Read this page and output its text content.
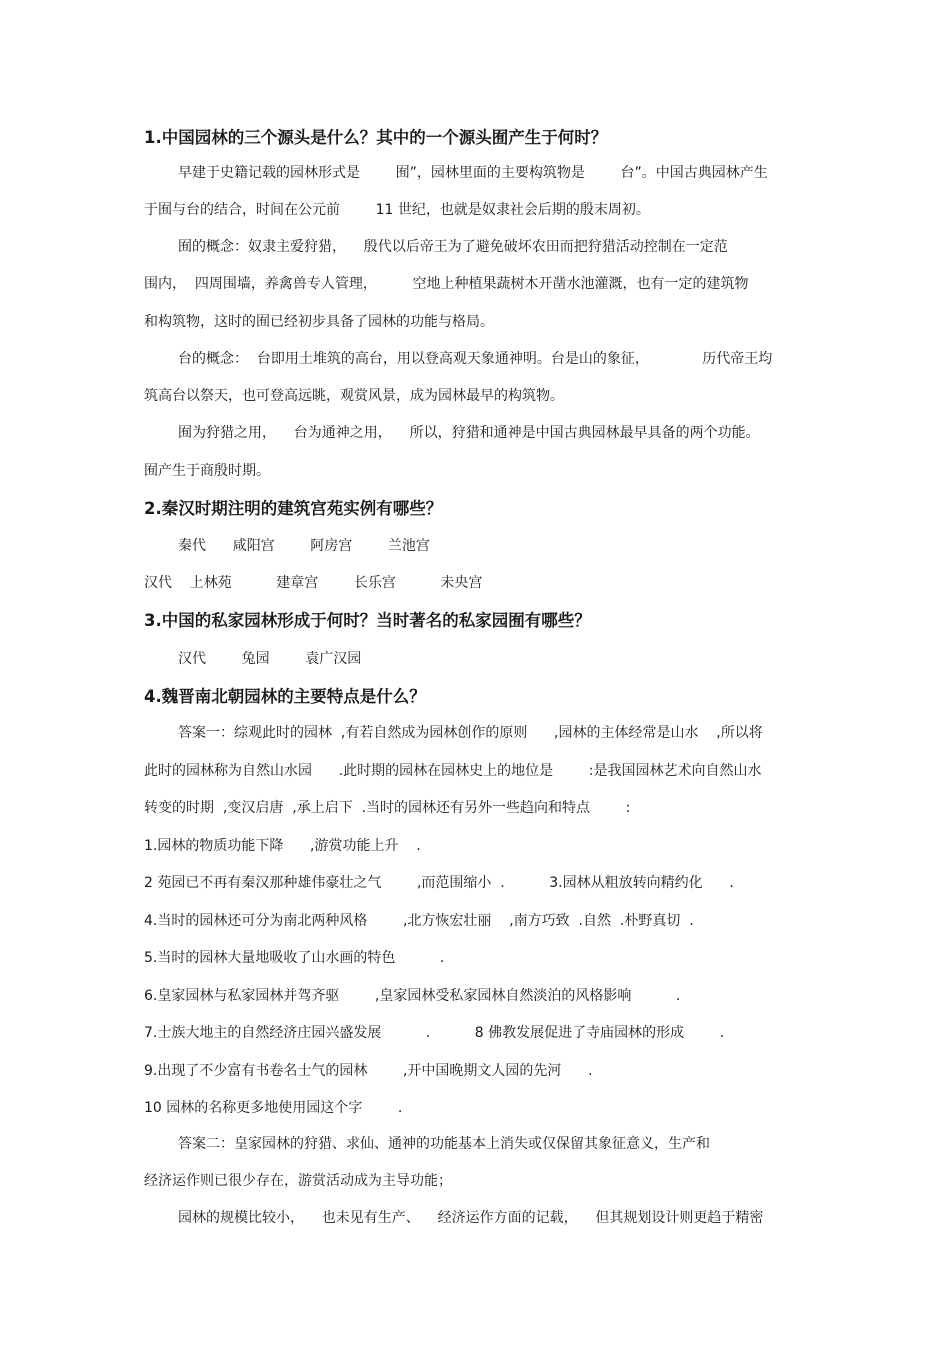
1.中国园林的三个源头是什么？其中的一个源头囿产生于何时？
早建于史籍记载的园林形式是        囿”，园林里面的主要构筑物是        台”。中国古典园林产生
于囿与台的结合，时间在公元前        11 世纪，也就是奴隶社会后期的殷末周初。
囿的概念：奴隶主爱狩猎，    殷代以后帝王为了避免破坏农田而把狩猎活动控制在一定范
围内，  四周围墙，养禽兽专人管理，        空地上种植果蔬树木开凿水池灌溉，也有一定的建筑物
和构筑物，这时的囿已经初步具备了园林的功能与格局。
台的概念：  台即用土堆筑的高台，用以登高观天象通神明。台是山的象征，            历代帝王均
筑高台以祭天，也可登高远眺，观赏风景，成为园林最早的构筑物。
囿为狩猎之用，    台为通神之用，    所以，狩猎和通神是中国古典园林最早具备的两个功能。
囿产生于商殷时期。
2.秦汉时期注明的建筑宫苑实例有哪些？
秦代      咸阳宫        阿房宫        兰池宫
汉代    上林苑          建章宫        长乐宫          未央宫
3.中国的私家园林形成于何时？当时著名的私家园囿有哪些？
汉代        兔园        袁广汉园
4.魏晋南北朝园林的主要特点是什么？
答案一：综观此时的园林  ,有若自然成为园林创作的原则      ,园林的主体经常是山水    ,所以将
此时的园林称为自然山水园      .此时期的园林在园林史上的地位是        :是我国园林艺术向自然山水
转变的时期  ,变汉启唐  ,承上启下  .当时的园林还有另外一些趋向和特点        :
1.园林的物质功能下降      ,游赏功能上升    .
2 苑园已不再有秦汉那种雄伟豪壮之气        ,而范围缩小  .          3.园林从粗放转向精约化      .
4.当时的园林还可分为南北两种风格        ,北方恢宏壮丽    ,南方巧致  .自然  .朴野真切  .
5.当时的园林大量地吸收了山水画的特色          .
6.皇家园林与私家园林并驾齐驱        ,皇家园林受私家园林自然淡泊的风格影响          .
7.士族大地主的自然经济庄园兴盛发展          .          8 佛教发展促进了寺庙园林的形成        .
9.出现了不少富有书卷名士气的园林        ,开中国晚期文人园的先河      .
10 园林的名称更多地使用园这个字        .
答案二：皇家园林的狩猎、求仙、通神的功能基本上消失或仅保留其象征意义，生产和
经济运作则已很少存在，游赏活动成为主导功能；
园林的规模比较小，    也未见有生产、    经济运作方面的记载，    但其规划设计则更趋于精密
